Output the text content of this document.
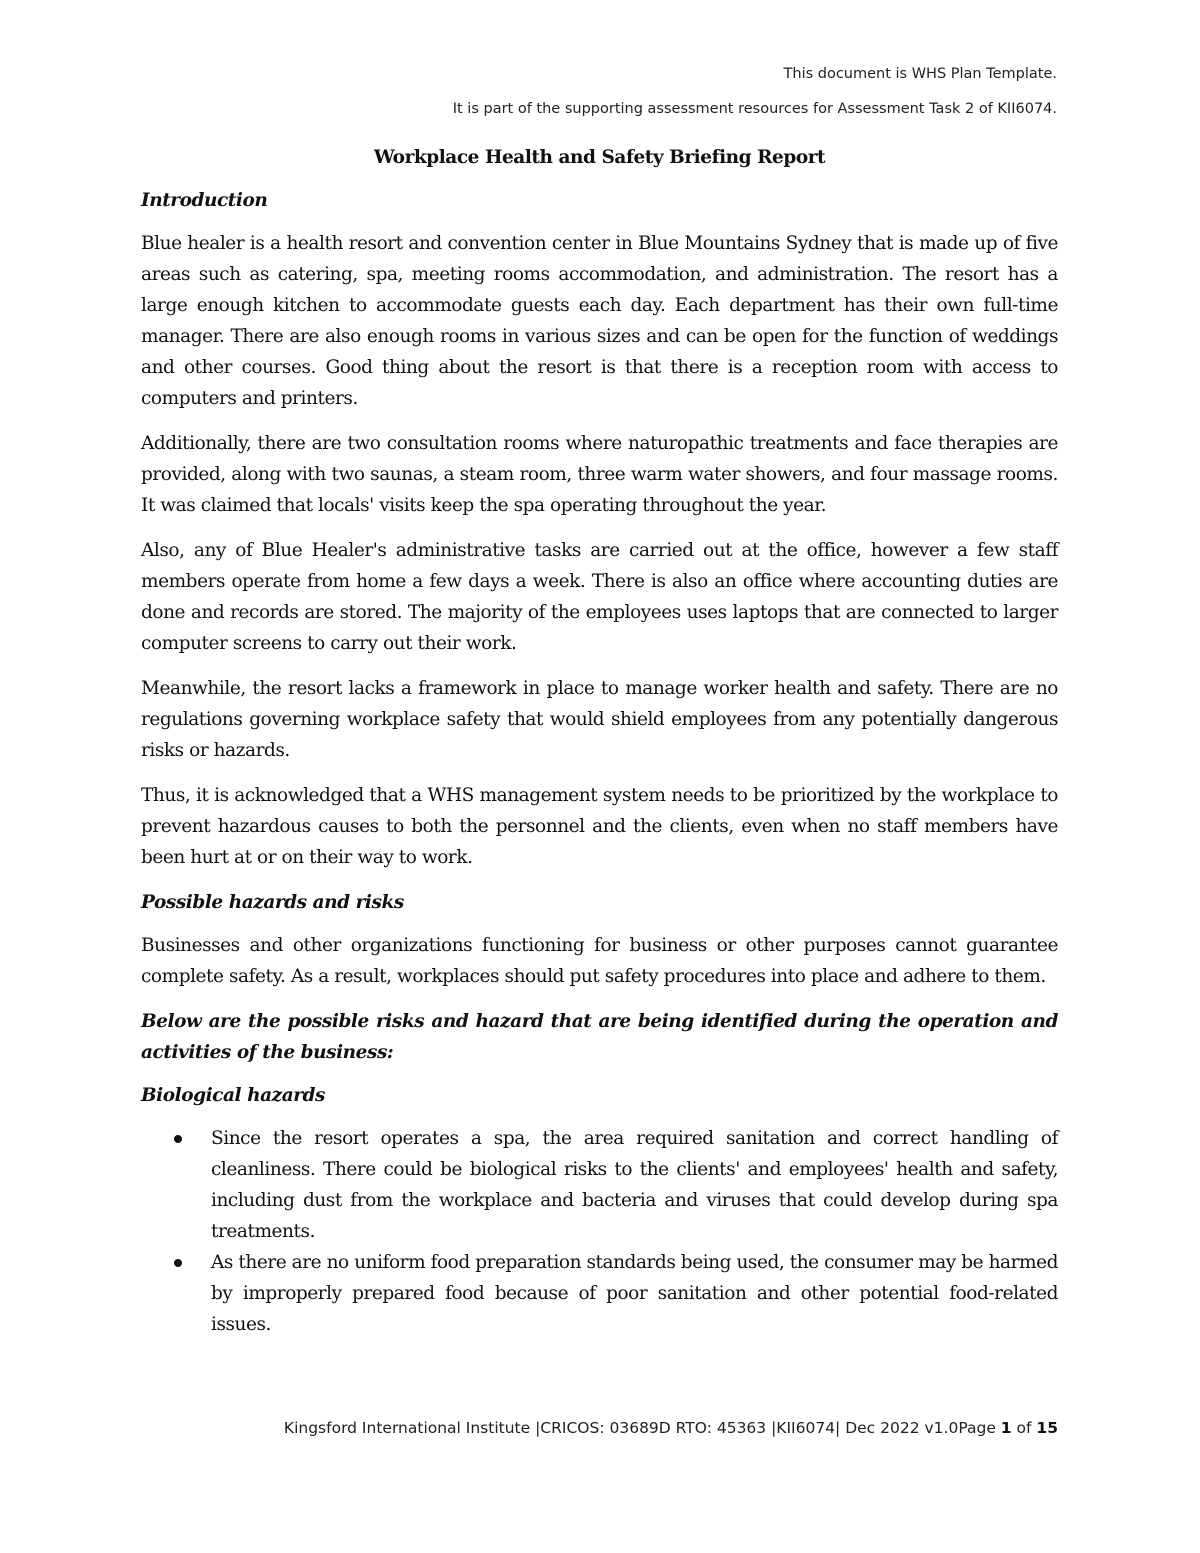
This document is WHS Plan Template.

It is part of the supporting assessment resources for Assessment Task 2 of KII6074.

Workplace Health and Safety Briefing Report

Introduction

Blue healer is a health resort and convention center in Blue Mountains Sydney that is made up of five areas such as catering, spa, meeting rooms accommodation, and administration. The resort has a large enough kitchen to accommodate guests each day. Each department has their own full-time manager. There are also enough rooms in various sizes and can be open for the function of weddings and other courses. Good thing about the resort is that there is a reception room with access to computers and printers.

Additionally, there are two consultation rooms where naturopathic treatments and face therapies are provided, along with two saunas, a steam room, three warm water showers, and four massage rooms. It was claimed that locals' visits keep the spa operating throughout the year.

Also, any of Blue Healer's administrative tasks are carried out at the office, however a few staff members operate from home a few days a week. There is also an office where accounting duties are done and records are stored. The majority of the employees uses laptops that are connected to larger computer screens to carry out their work.

Meanwhile, the resort lacks a framework in place to manage worker health and safety. There are no regulations governing workplace safety that would shield employees from any potentially dangerous risks or hazards.

Thus, it is acknowledged that a WHS management system needs to be prioritized by the workplace to prevent hazardous causes to both the personnel and the clients, even when no staff members have been hurt at or on their way to work.

Possible hazards and risks

Businesses and other organizations functioning for business or other purposes cannot guarantee complete safety. As a result, workplaces should put safety procedures into place and adhere to them.

Below are the possible risks and hazard that are being identified during the operation and activities of the business:

Biological hazards

Since the resort operates a spa, the area required sanitation and correct handling of cleanliness. There could be biological risks to the clients' and employees' health and safety, including dust from the workplace and bacteria and viruses that could develop during spa treatments.
As there are no uniform food preparation standards being used, the consumer may be harmed by improperly prepared food because of poor sanitation and other potential food-related issues.
Kingsford International Institute |CRICOS: 03689D RTO: 45363 |KII6074| Dec 2022 v1.0Page 1 of 15
